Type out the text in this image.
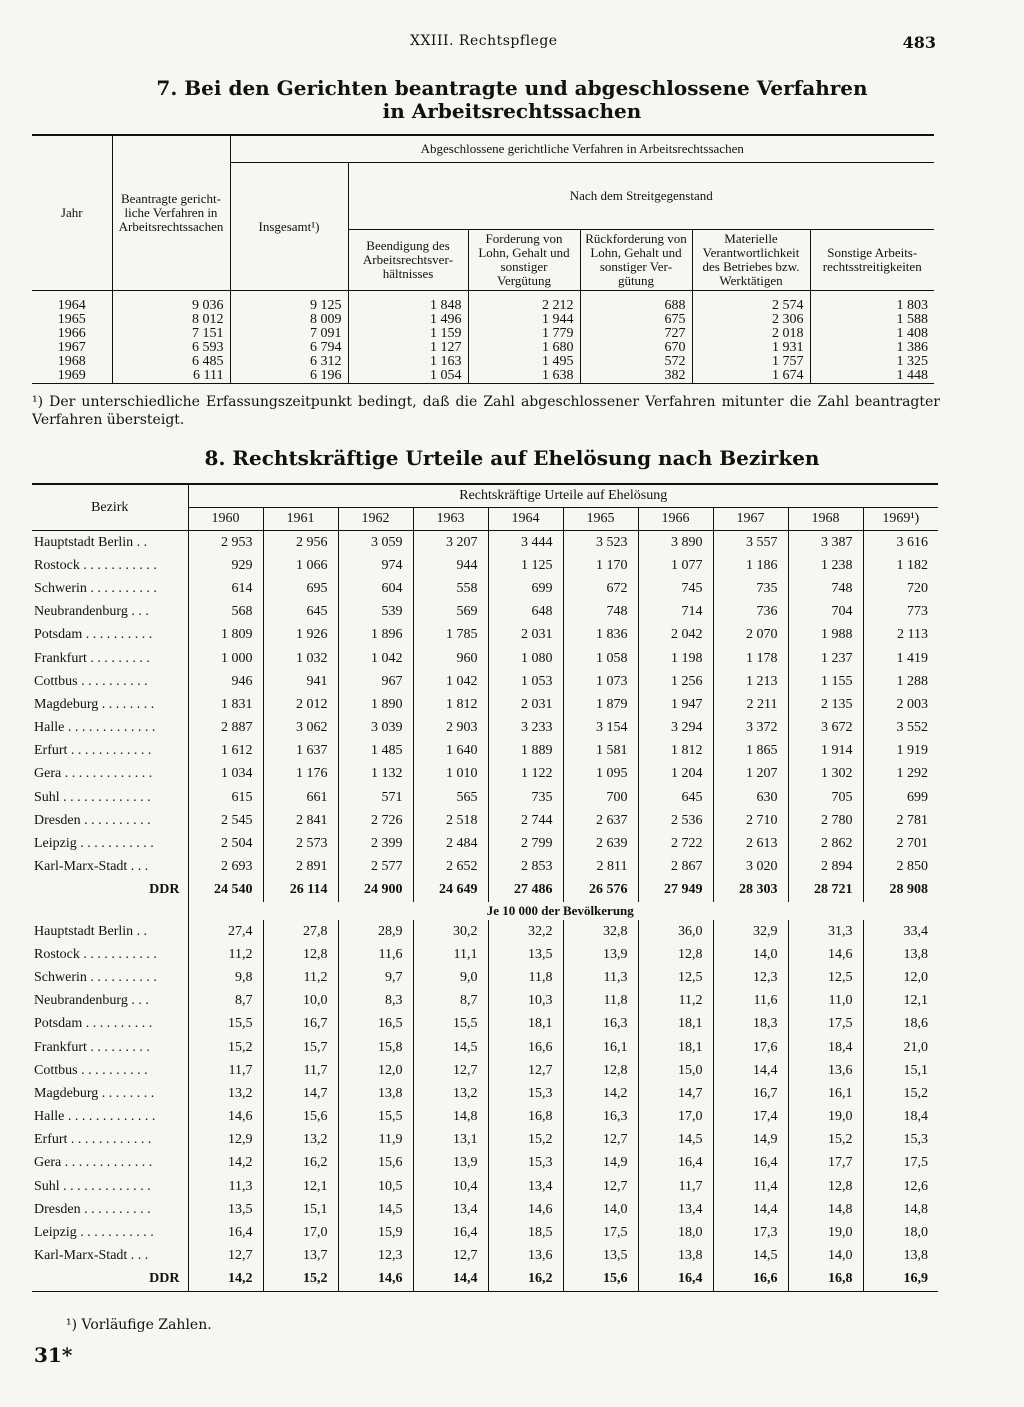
XXIII. Rechtspflege	483
7. Bei den Gerichten beantragte und abgeschlossene Verfahren
in Arbeitsrechtssachen
Jahr	Beantragte gerichtliche Verfahren in Arbeitsrechtssachen	Abgeschlossene gerichtliche Verfahren in Arbeitsrechtssachen					
		Insgesamt¹)	Nach dem Streitgegenstand				
			Beendigung des Arbeitsrechtsverhältnisses	Forderung von Lohn, Gehalt und sonstiger Vergütung	Rückforderung von Lohn, Gehalt und sonstiger Vergütung	Materielle Verantwortlichkeit des Betriebes bzw. Werktätigen	Sonstige Arbeitsrechtsstreitigkeiten
1964	9 036	9 125	1 848	2 212	688	2 574	1 803
1965	8 012	8 009	1 496	1 944	675	2 306	1 588
1966	7 151	7 091	1 159	1 779	727	2 018	1 408
1967	6 593	6 794	1 127	1 680	670	1 931	1 386
1968	6 485	6 312	1 163	1 495	572	1 757	1 325
1969	6 111	6 196	1 054	1 638	382	1 674	1 448
¹) Der unterschiedliche Erfassungszeitpunkt bedingt, daß die Zahl abgeschlossener Verfahren mitunter die Zahl beantragter Verfahren übersteigt.
8. Rechtskräftige Urteile auf Ehelösung nach Bezirken
Bezirk	Rechtskräftige Urteile auf Ehelösung									
	1960	1961	1962	1963	1964	1965	1966	1967	1968	1969¹)
Hauptstadt Berlin . .	2 953	2 956	3 059	3 207	3 444	3 523	3 890	3 557	3 387	3 616
Rostock . . . . . . . . . . .	929	1 066	974	944	1 125	1 170	1 077	1 186	1 238	1 182
Schwerin . . . . . . . . . .	614	695	604	558	699	672	745	735	748	720
Neubrandenburg . . .	568	645	539	569	648	748	714	736	704	773
Potsdam . . . . . . . . . .	1 809	1 926	1 896	1 785	2 031	1 836	2 042	2 070	1 988	2 113
Frankfurt . . . . . . . . .	1 000	1 032	1 042	960	1 080	1 058	1 198	1 178	1 237	1 419
Cottbus . . . . . . . . . .	946	941	967	1 042	1 053	1 073	1 256	1 213	1 155	1 288
Magdeburg . . . . . . . .	1 831	2 012	1 890	1 812	2 031	1 879	1 947	2 211	2 135	2 003
Halle . . . . . . . . . . . . .	2 887	3 062	3 039	2 903	3 233	3 154	3 294	3 372	3 672	3 552
Erfurt . . . . . . . . . . . .	1 612	1 637	1 485	1 640	1 889	1 581	1 812	1 865	1 914	1 919
Gera . . . . . . . . . . . . .	1 034	1 176	1 132	1 010	1 122	1 095	1 204	1 207	1 302	1 292
Suhl . . . . . . . . . . . . .	615	661	571	565	735	700	645	630	705	699
Dresden . . . . . . . . . .	2 545	2 841	2 726	2 518	2 744	2 637	2 536	2 710	2 780	2 781
Leipzig . . . . . . . . . . .	2 504	2 573	2 399	2 484	2 799	2 639	2 722	2 613	2 862	2 701
Karl-Marx-Stadt . . .	2 693	2 891	2 577	2 652	2 853	2 811	2 867	3 020	2 894	2 850
DDR	24 540	26 114	24 900	24 649	27 486	26 576	27 949	28 303	28 721	28 908
	Je 10 000 der Bevölkerung									
Hauptstadt Berlin . .	27,4	27,8	28,9	30,2	32,2	32,8	36,0	32,9	31,3	33,4
Rostock . . . . . . . . . . .	11,2	12,8	11,6	11,1	13,5	13,9	12,8	14,0	14,6	13,8
Schwerin . . . . . . . . . .	9,8	11,2	9,7	9,0	11,8	11,3	12,5	12,3	12,5	12,0
Neubrandenburg . . .	8,7	10,0	8,3	8,7	10,3	11,8	11,2	11,6	11,0	12,1
Potsdam . . . . . . . . . .	15,5	16,7	16,5	15,5	18,1	16,3	18,1	18,3	17,5	18,6
Frankfurt . . . . . . . . .	15,2	15,7	15,8	14,5	16,6	16,1	18,1	17,6	18,4	21,0
Cottbus . . . . . . . . . .	11,7	11,7	12,0	12,7	12,7	12,8	15,0	14,4	13,6	15,1
Magdeburg . . . . . . . .	13,2	14,7	13,8	13,2	15,3	14,2	14,7	16,7	16,1	15,2
Halle . . . . . . . . . . . . .	14,6	15,6	15,5	14,8	16,8	16,3	17,0	17,4	19,0	18,4
Erfurt . . . . . . . . . . . .	12,9	13,2	11,9	13,1	15,2	12,7	14,5	14,9	15,2	15,3
Gera . . . . . . . . . . . . .	14,2	16,2	15,6	13,9	15,3	14,9	16,4	16,4	17,7	17,5
Suhl . . . . . . . . . . . . .	11,3	12,1	10,5	10,4	13,4	12,7	11,7	11,4	12,8	12,6
Dresden . . . . . . . . . .	13,5	15,1	14,5	13,4	14,6	14,0	13,4	14,4	14,8	14,8
Leipzig . . . . . . . . . . .	16,4	17,0	15,9	16,4	18,5	17,5	18,0	17,3	19,0	18,0
Karl-Marx-Stadt . . .	12,7	13,7	12,3	12,7	13,6	13,5	13,8	14,5	14,0	13,8
DDR	14,2	15,2	14,6	14,4	16,2	15,6	16,4	16,6	16,8	16,9
¹) Vorläufige Zahlen.
31*
